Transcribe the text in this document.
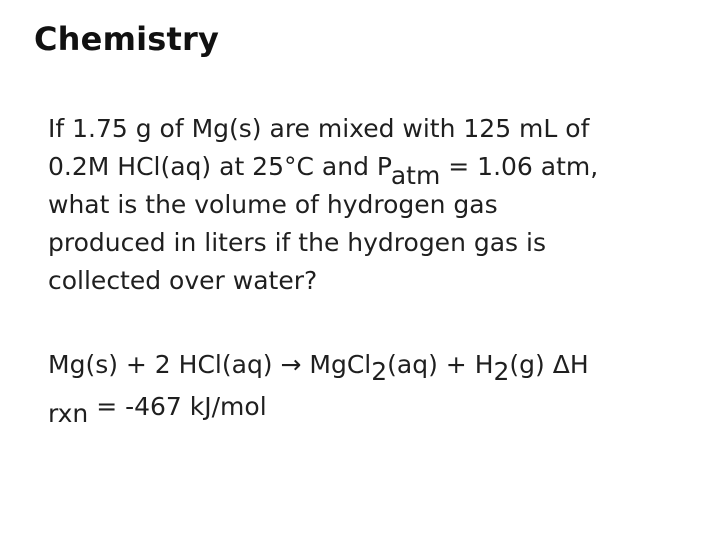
Chemistry
If 1.75 g of Mg(s) are mixed with 125 mL of
0.2M HCl(aq) at 25°C and Patm = 1.06 atm,
what is the volume of hydrogen gas
produced in liters if the hydrogen gas is
collected over water?
Mg(s) + 2 HCl(aq) → MgCl2(aq) + H2(g) ΔH
rxn = -467 kJ/mol
